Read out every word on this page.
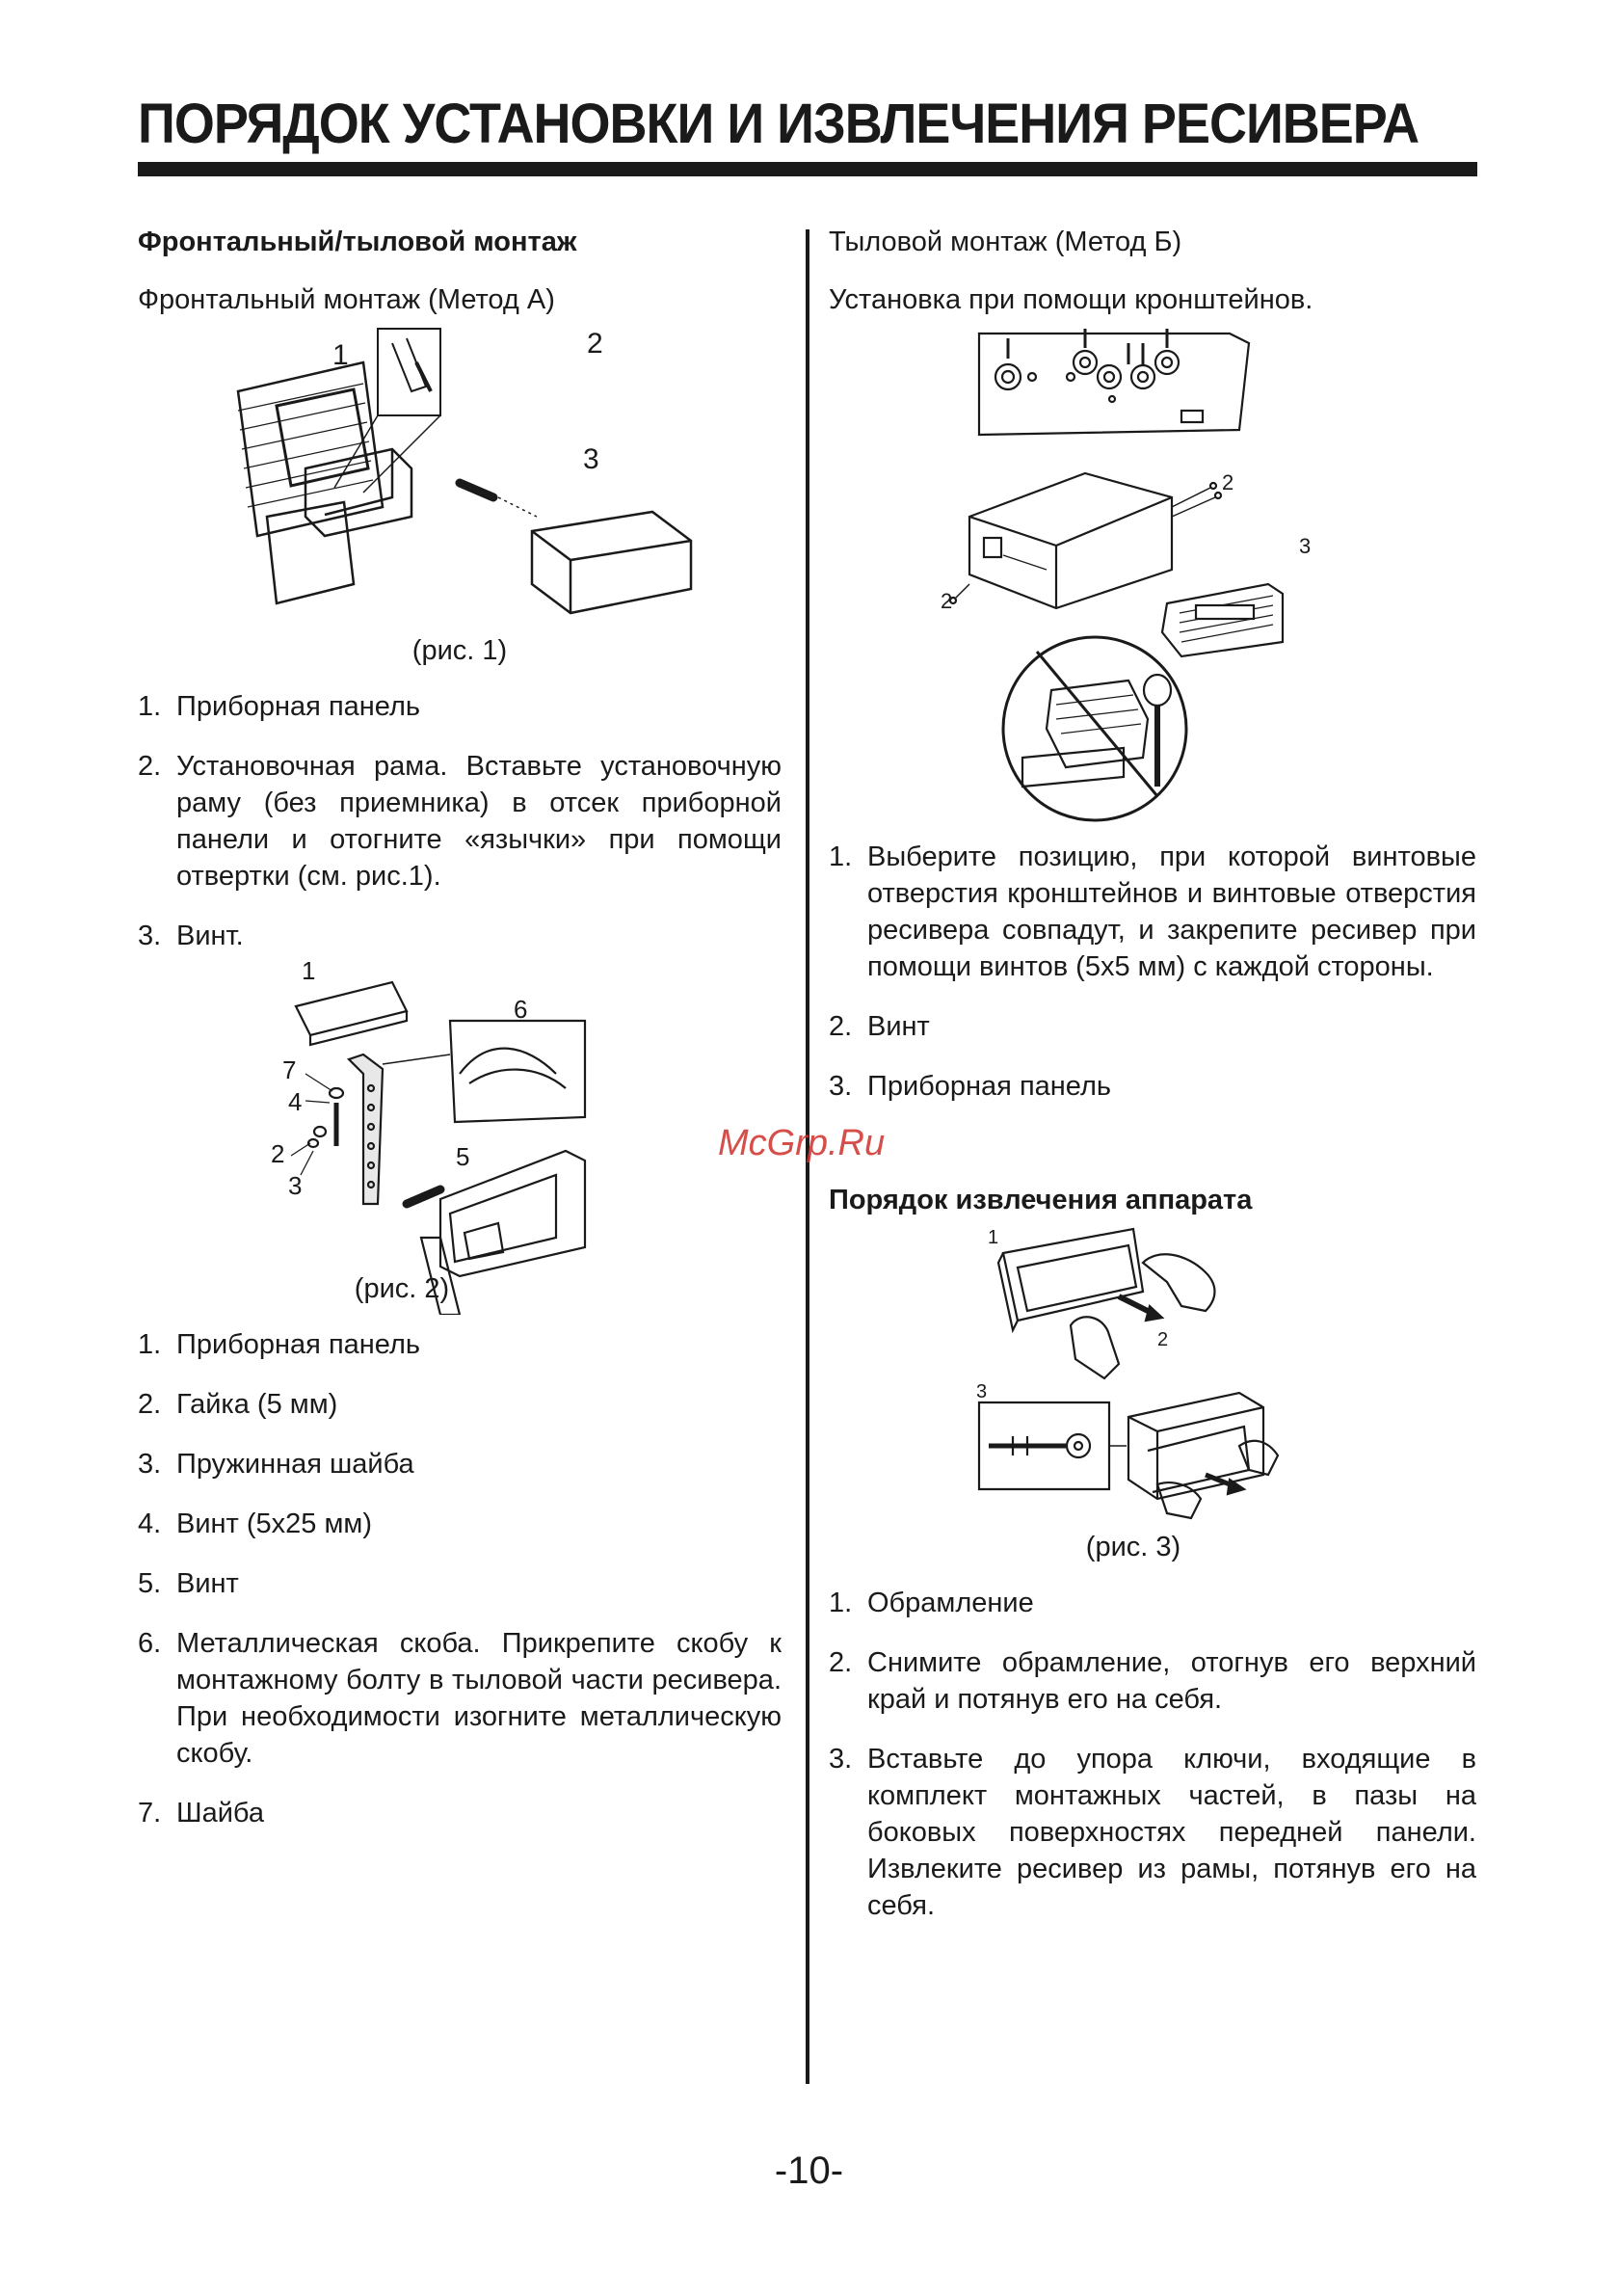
ПОРЯДОК УСТАНОВКИ И ИЗВЛЕЧЕНИЯ РЕСИВЕРА

Фронтальный/тыловой монтаж

Фронтальный монтаж (Метод А)

1	2
3

(рис. 1)

1. Приборная панель
2. Установочная рама. Вставьте установочную раму (без приемника) в отсек приборной панели и отогните «язычки» при помощи отвертки (см. рис.1).
3. Винт.
1
6
7
4
2
3
5

(рис. 2)

1. Приборная панель
2. Гайка (5 мм)
3. Пружинная шайба
4. Винт (5x25 мм)
5. Винт
6. Металлическая скоба. Прикрепите скобу к монтажному болту в тыловой части ресивера. При необходимости изогните металлическую скобу.
7. Шайба

Тыловой монтаж (Метод Б)

Установка при помощи кронштейнов.

2
2
3
1. Выберите позицию, при которой винтовые отверстия кронштейнов и винтовые отверстия ресивера совпадут, и закрепите ресивер при помощи винтов (5x5 мм) с каждой стороны.
2. Винт
3. Приборная панель

Порядок извлечения аппарата

1
2
3

(рис. 3)

1. Обрамление
2. Снимите обрамление, отогнув его верхний край и потянув его на себя.
3. Вставьте до упора ключи, входящие в комплект монтажных частей, в пазы на боковых поверхностях передней панели. Извлеките ресивер из рамы, потянув его на себя.
McGrp.Ru
-10-
